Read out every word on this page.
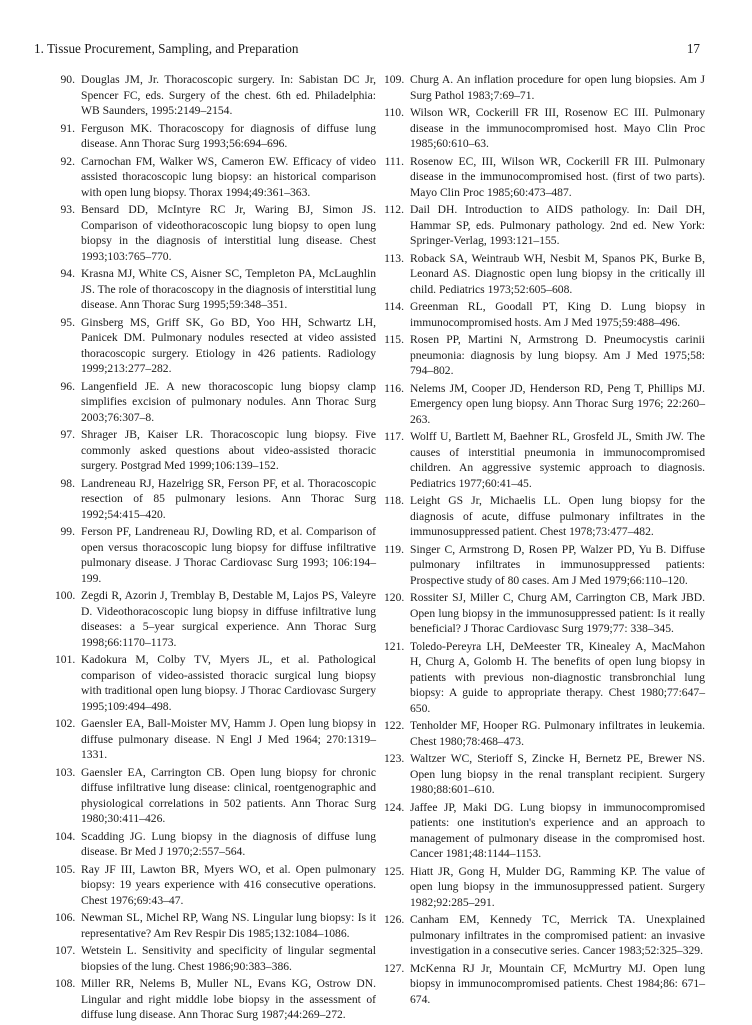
1. Tissue Procurement, Sampling, and Preparation	17
90. Douglas JM, Jr. Thoracoscopic surgery. In: Sabistan DC Jr, Spencer FC, eds. Surgery of the chest. 6th ed. Philadelphia: WB Saunders, 1995:2149–2154.
91. Ferguson MK. Thoracoscopy for diagnosis of diffuse lung disease. Ann Thorac Surg 1993;56:694–696.
92. Carnochan FM, Walker WS, Cameron EW. Efficacy of video assisted thoracoscopic lung biopsy: an historical comparison with open lung biopsy. Thorax 1994;49:361–363.
93. Bensard DD, McIntyre RC Jr, Waring BJ, Simon JS. Comparison of videothoracoscopic lung biopsy to open lung biopsy in the diagnosis of interstitial lung disease. Chest 1993;103:765–770.
94. Krasna MJ, White CS, Aisner SC, Templeton PA, McLaughlin JS. The role of thoracoscopy in the diagnosis of interstitial lung disease. Ann Thorac Surg 1995;59:348–351.
95. Ginsberg MS, Griff SK, Go BD, Yoo HH, Schwartz LH, Panicek DM. Pulmonary nodules resected at video assisted thoracoscopic surgery. Etiology in 426 patients. Radiology 1999;213:277–282.
96. Langenfield JE. A new thoracoscopic lung biopsy clamp simplifies excision of pulmonary nodules. Ann Thorac Surg 2003;76:307–8.
97. Shrager JB, Kaiser LR. Thoracoscopic lung biopsy. Five commonly asked questions about video-assisted thoracic surgery. Postgrad Med 1999;106:139–152.
98. Landreneau RJ, Hazelrigg SR, Ferson PF, et al. Thoracoscopic resection of 85 pulmonary lesions. Ann Thorac Surg 1992;54:415–420.
99. Ferson PF, Landreneau RJ, Dowling RD, et al. Comparison of open versus thoracoscopic lung biopsy for diffuse infiltrative pulmonary disease. J Thorac Cardiovasc Surg 1993; 106:194–199.
100. Zegdi R, Azorin J, Tremblay B, Destable M, Lajos PS, Valeyre D. Videothoracoscopic lung biopsy in diffuse infiltrative lung diseases: a 5–year surgical experience. Ann Thorac Surg 1998;66:1170–1173.
101. Kadokura M, Colby TV, Myers JL, et al. Pathological comparison of video-assisted thoracic surgical lung biopsy with traditional open lung biopsy. J Thorac Cardiovasc Surgery 1995;109:494–498.
102. Gaensler EA, Ball-Moister MV, Hamm J. Open lung biopsy in diffuse pulmonary disease. N Engl J Med 1964; 270:1319–1331.
103. Gaensler EA, Carrington CB. Open lung biopsy for chronic diffuse infiltrative lung disease: clinical, roentgenographic and physiological correlations in 502 patients. Ann Thorac Surg 1980;30:411–426.
104. Scadding JG. Lung biopsy in the diagnosis of diffuse lung disease. Br Med J 1970;2:557–564.
105. Ray JF III, Lawton BR, Myers WO, et al. Open pulmonary biopsy: 19 years experience with 416 consecutive operations. Chest 1976;69:43–47.
106. Newman SL, Michel RP, Wang NS. Lingular lung biopsy: Is it representative? Am Rev Respir Dis 1985;132:1084–1086.
107. Wetstein L. Sensitivity and specificity of lingular segmental biopsies of the lung. Chest 1986;90:383–386.
108. Miller RR, Nelems B, Muller NL, Evans KG, Ostrow DN. Lingular and right middle lobe biopsy in the assessment of diffuse lung disease. Ann Thorac Surg 1987;44:269–272.
109. Churg A. An inflation procedure for open lung biopsies. Am J Surg Pathol 1983;7:69–71.
110. Wilson WR, Cockerill FR III, Rosenow EC III. Pulmonary disease in the immunocompromised host. Mayo Clin Proc 1985;60:610–63.
111. Rosenow EC, III, Wilson WR, Cockerill FR III. Pulmonary disease in the immunocompromised host. (first of two parts). Mayo Clin Proc 1985;60:473–487.
112. Dail DH. Introduction to AIDS pathology. In: Dail DH, Hammar SP, eds. Pulmonary pathology. 2nd ed. New York: Springer-Verlag, 1993:121–155.
113. Roback SA, Weintraub WH, Nesbit M, Spanos PK, Burke B, Leonard AS. Diagnostic open lung biopsy in the critically ill child. Pediatrics 1973;52:605–608.
114. Greenman RL, Goodall PT, King D. Lung biopsy in immunocompromised hosts. Am J Med 1975;59:488–496.
115. Rosen PP, Martini N, Armstrong D. Pneumocystis carinii pneumonia: diagnosis by lung biopsy. Am J Med 1975;58: 794–802.
116. Nelems JM, Cooper JD, Henderson RD, Peng T, Phillips MJ. Emergency open lung biopsy. Ann Thorac Surg 1976; 22:260–263.
117. Wolff U, Bartlett M, Baehner RL, Grosfeld JL, Smith JW. The causes of interstitial pneumonia in immunocompromised children. An aggressive systemic approach to diagnosis. Pediatrics 1977;60:41–45.
118. Leight GS Jr, Michaelis LL. Open lung biopsy for the diagnosis of acute, diffuse pulmonary infiltrates in the immunosuppressed patient. Chest 1978;73:477–482.
119. Singer C, Armstrong D, Rosen PP, Walzer PD, Yu B. Diffuse pulmonary infiltrates in immunosuppressed patients: Prospective study of 80 cases. Am J Med 1979;66:110–120.
120. Rossiter SJ, Miller C, Churg AM, Carrington CB, Mark JBD. Open lung biopsy in the immunosuppressed patient: Is it really beneficial? J Thorac Cardiovasc Surg 1979;77: 338–345.
121. Toledo-Pereyra LH, DeMeester TR, Kinealey A, MacMahon H, Churg A, Golomb H. The benefits of open lung biopsy in patients with previous non-diagnostic transbronchial lung biopsy: A guide to appropriate therapy. Chest 1980;77:647–650.
122. Tenholder MF, Hooper RG. Pulmonary infiltrates in leukemia. Chest 1980;78:468–473.
123. Waltzer WC, Sterioff S, Zincke H, Bernetz PE, Brewer NS. Open lung biopsy in the renal transplant recipient. Surgery 1980;88:601–610.
124. Jaffee JP, Maki DG. Lung biopsy in immunocompromised patients: one institution's experience and an approach to management of pulmonary disease in the compromised host. Cancer 1981;48:1144–1153.
125. Hiatt JR, Gong H, Mulder DG, Ramming KP. The value of open lung biopsy in the immunosuppressed patient. Surgery 1982;92:285–291.
126. Canham EM, Kennedy TC, Merrick TA. Unexplained pulmonary infiltrates in the compromised patient: an invasive investigation in a consecutive series. Cancer 1983;52:325–329.
127. McKenna RJ Jr, Mountain CF, McMurtry MJ. Open lung biopsy in immunocompromised patients. Chest 1984;86: 671–674.
